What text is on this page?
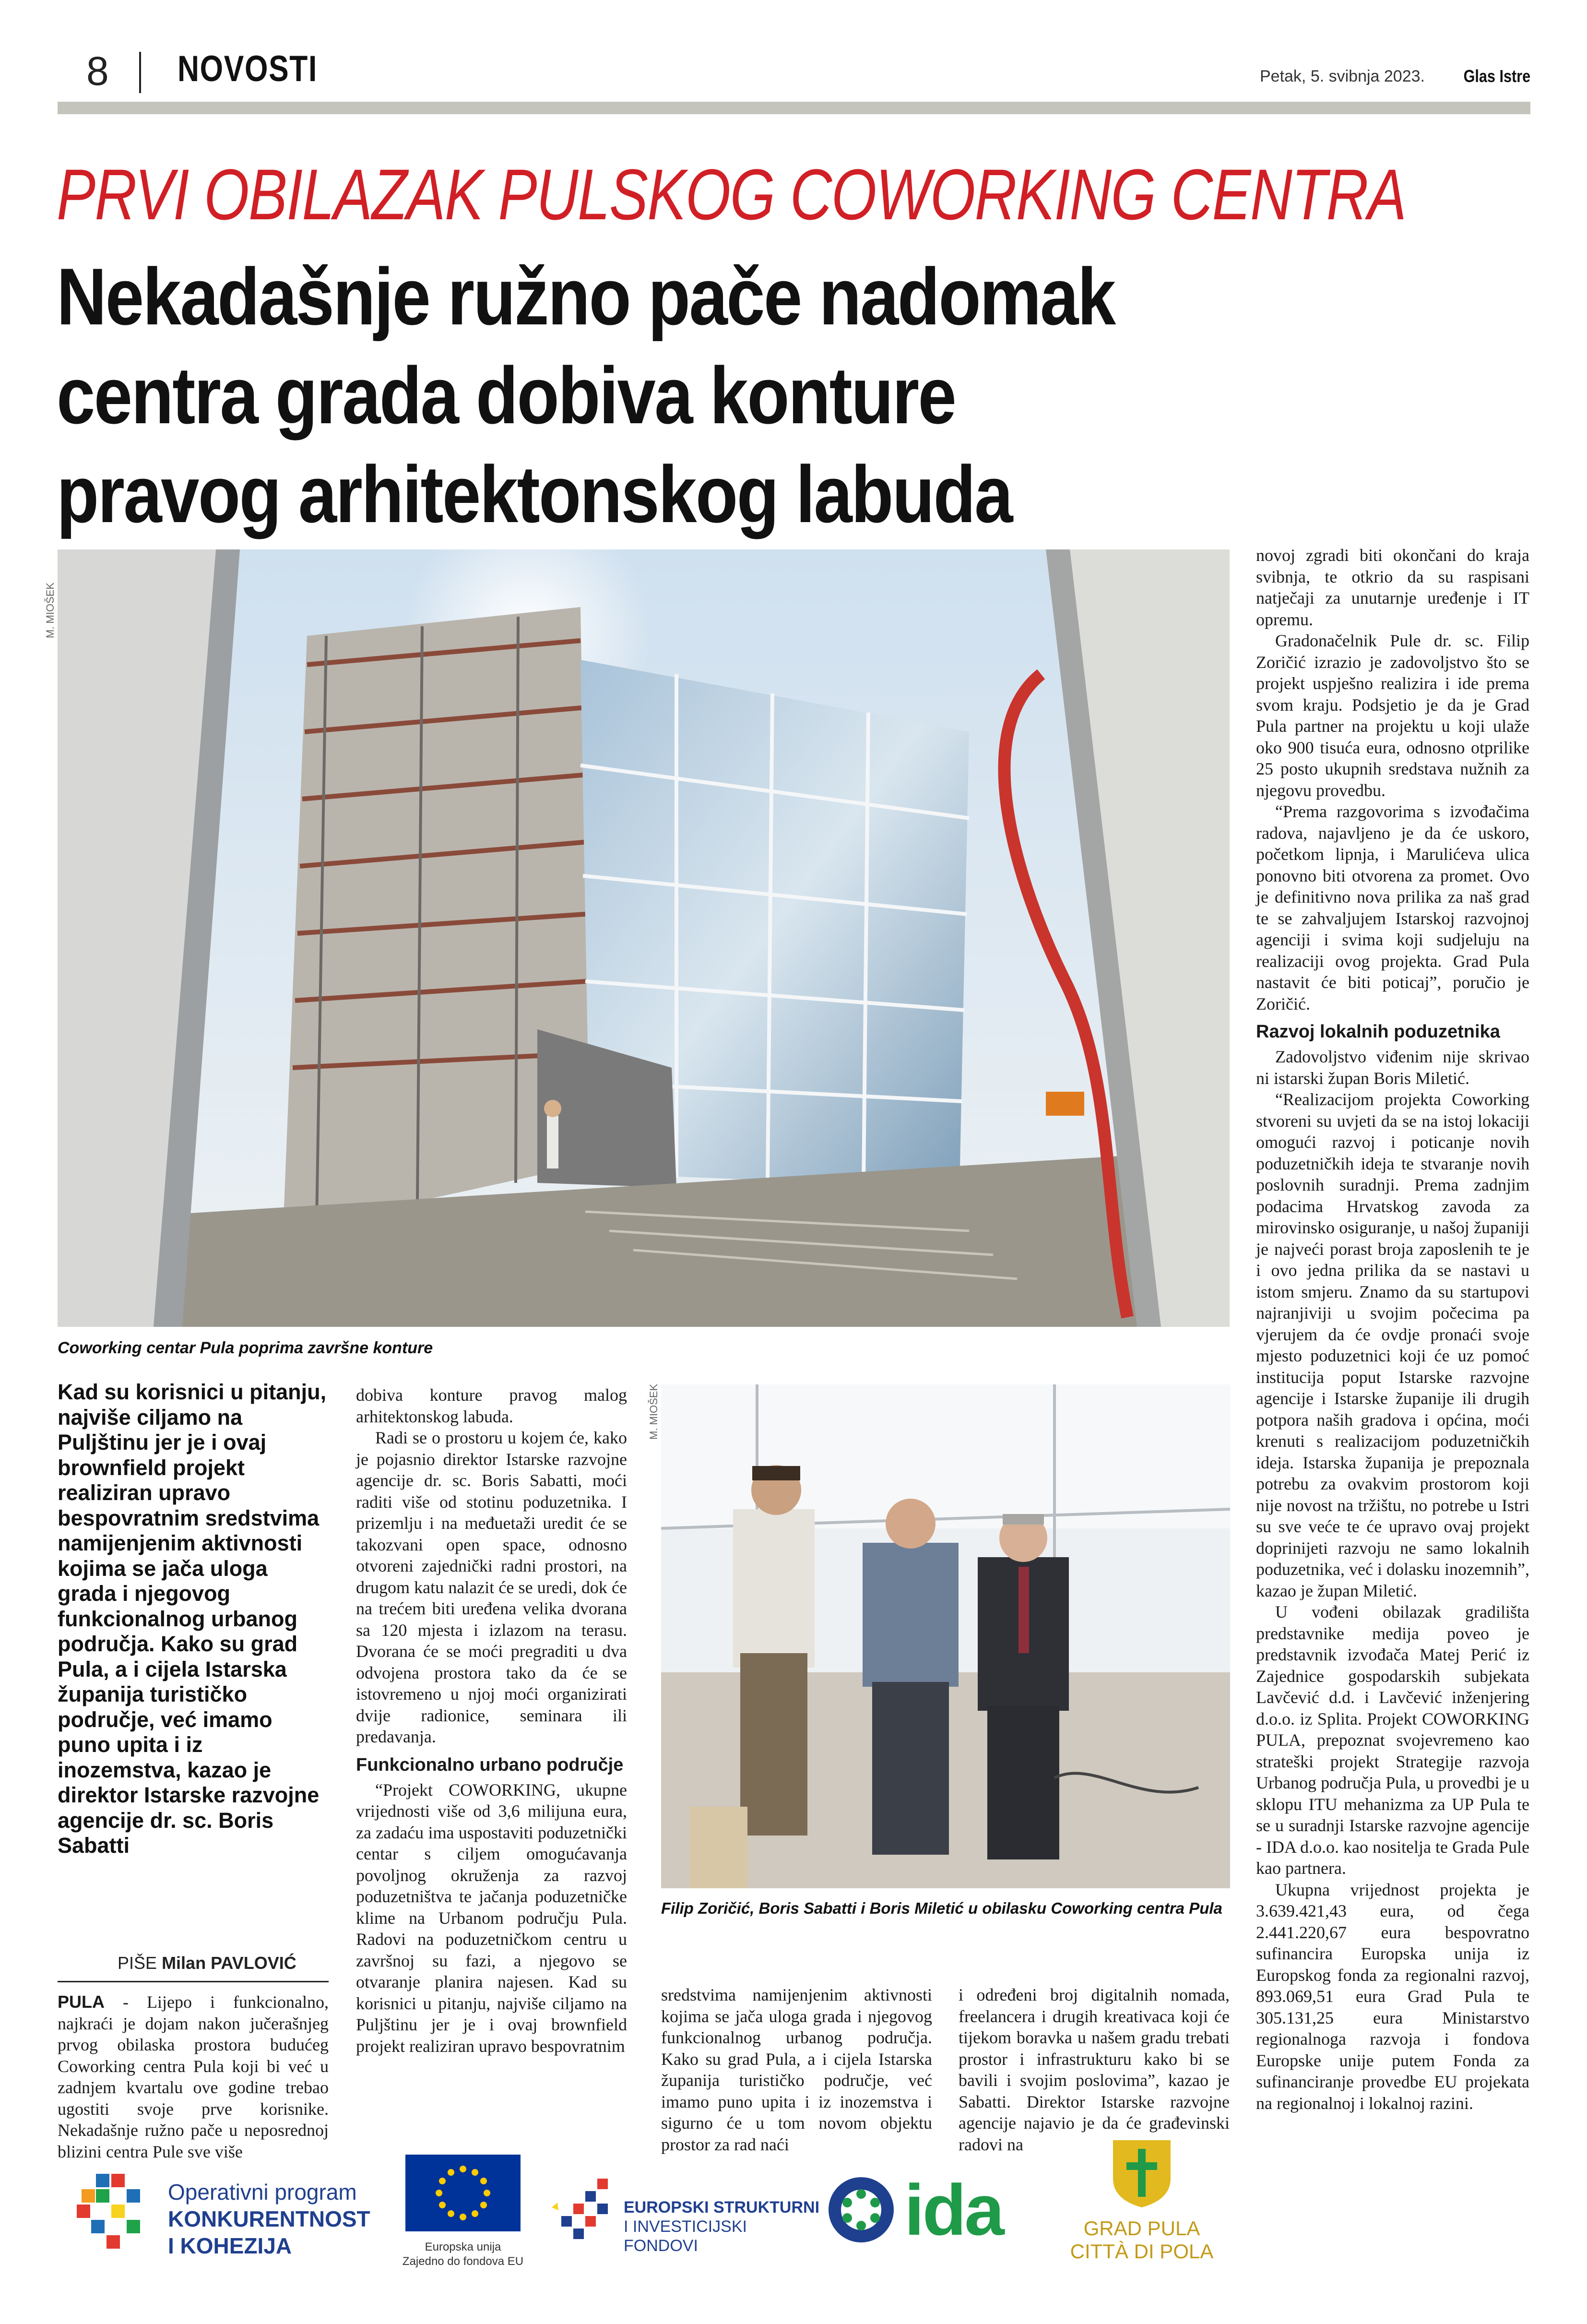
8 NOVOSTI	Petak, 5. svibnja 2023. Glas Istre
PRVI OBILAZAK PULSKOG COWORKING CENTRA
Nekadašnje ružno pače nadomak
centra grada dobiva konture
pravog arhitektonskog labuda
M. MIOŠEK
Coworking centar Pula poprima završne konture
Kad su korisnici u pitanju, najviše ciljamo na Puljštinu jer je i ovaj brownfield projekt realiziran upravo bespovratnim sredstvima namijenjenim aktivnosti kojima se jača uloga grada i njegovog funkcionalnog urbanog područja. Kako su grad Pula, a i cijela Istarska županija turističko područje, već imamo puno upita i iz inozemstva, kazao je direktor Istarske razvojne agencije dr. sc. Boris Sabatti
PIŠE Milan PAVLOVIĆ

PULA - Lijepo i funkcionalno, najkraći je dojam nakon jučerašnjeg prvog obilaska prostora budućeg Coworking centra Pula koji bi već u zadnjem kvartalu ove godine trebao ugostiti svoje prve korisnike. Nekadašnje ružno pače u neposrednoj blizini centra Pule sve više

dobiva konture pravog malog arhitektonskog labuda.

Radi se o prostoru u kojem će, kako je pojasnio direktor Istarske razvojne agencije dr. sc. Boris Sabatti, moći raditi više od stotinu poduzetnika. I prizemlju i na međuetaži uredit će se takozvani open space, odnosno otvoreni zajednički radni prostori, na drugom katu nalazit će se uredi, dok će na trećem biti uređena velika dvorana sa 120 mjesta i izlazom na terasu. Dvorana će se moći pregraditi u dva odvojena prostora tako da će se istovremeno u njoj moći organizirati dvije radionice, seminara ili predavanja.

Funkcionalno urbano područje

“Projekt COWORKING, ukupne vrijednosti više od 3,6 milijuna eura, za zadaću ima uspostaviti poduzetnički centar s ciljem omogućavanja povoljnog okruženja za razvoj poduzetništva te jačanja poduzetničke klime na Urbanom području Pula. Radovi na poduzetničkom centru u završnoj su fazi, a njegovo se otvaranje planira najesen. Kad su korisnici u pitanju, najviše ciljamo na Puljštinu jer je i ovaj brownfield projekt realiziran upravo bespovratnim

M. MIOŠEK
Filip Zoričić, Boris Sabatti i Boris Miletić u obilasku Coworking centra Pula

sredstvima namijenjenim aktivnosti kojima se jača uloga grada i njegovog funkcionalnog urbanog područja. Kako su grad Pula, a i cijela Istarska županija turističko područje, već imamo puno upita i iz inozemstva i sigurno će u tom novom objektu prostor za rad naći

i određeni broj digitalnih nomada, freelancera i drugih kreativaca koji će tijekom boravka u našem gradu trebati prostor i infrastrukturu kako bi se bavili i svojim poslovima”, kazao je Sabatti. Direktor Istarske razvojne agencije najavio je da će građevinski radovi na

novoj zgradi biti okončani do kraja svibnja, te otkrio da su raspisani natječaji za unutarnje uređenje i IT opremu.

Gradonačelnik Pule dr. sc. Filip Zoričić izrazio je zadovoljstvo što se projekt uspješno realizira i ide prema svom kraju. Podsjetio je da je Grad Pula partner na projektu u koji ulaže oko 900 tisuća eura, odnosno otprilike 25 posto ukupnih sredstava nužnih za njegovu provedbu.

“Prema razgovorima s izvođačima radova, najavljeno je da će uskoro, početkom lipnja, i Marulićeva ulica ponovno biti otvorena za promet. Ovo je definitivno nova prilika za naš grad te se zahvaljujem Istarskoj razvojnoj agenciji i svima koji sudjeluju na realizaciji ovog projekta. Grad Pula nastavit će biti poticaj”, poručio je Zoričić.

Razvoj lokalnih poduzetnika

Zadovoljstvo viđenim nije skrivao ni istarski župan Boris Miletić.

“Realizacijom projekta Coworking stvoreni su uvjeti da se na istoj lokaciji omogući razvoj i poticanje novih poduzetničkih ideja te stvaranje novih poslovnih suradnji. Prema zadnjim podacima Hrvatskog zavoda za mirovinsko osiguranje, u našoj županiji je najveći porast broja zaposlenih te je i ovo jedna prilika da se nastavi u istom smjeru. Znamo da su startupovi najranjiviji u svojim počecima pa vjerujem da će ovdje pronaći svoje mjesto poduzetnici koji će uz pomoć institucija poput Istarske razvojne agencije i Istarske županije ili drugih potpora naših gradova i općina, moći krenuti s realizacijom poduzetničkih ideja. Istarska županija je prepoznala potrebu za ovakvim prostorom koji nije novost na tržištu, no potrebe u Istri su sve veće te će upravo ovaj projekt doprinijeti razvoju ne samo lokalnih poduzetnika, već i dolasku inozemnih”, kazao je župan Miletić.

U vođeni obilazak gradilišta predstavnike medija poveo je predstavnik izvođača Matej Perić iz Zajednice gospodarskih subjekata Lavčević d.d. i Lavčević inženjering d.o.o. iz Splita. Projekt COWORKING PULA, prepoznat svojevremeno kao strateški projekt Strategije razvoja Urbanog područja Pula, u provedbi je u sklopu ITU mehanizma za UP Pula te se u suradnji Istarske razvojne agencije - IDA d.o.o. kao nositelja te Grada Pule kao partnera.

Ukupna vrijednost projekta je 3.639.421,43 eura, od čega 2.441.220,67 eura bespovratno sufinancira Europska unija iz Europskog fonda za regionalni razvoj, 893.069,51 eura Grad Pula te 305.131,25 eura Ministarstvo regionalnoga razvoja i fondova Europske unije putem Fonda za sufinanciranje provedbe EU projekata na regionalnoj i lokalnoj razini.

Operativni program
KONKURENTNOST
I KOHEZIJA	Europska unija
Zajedno do fondova EU
EUROPSKI STRUKTURNI
I INVESTICIJSKI FONDOVI	ida	GRAD PULA
CITTÀ DI POLA
